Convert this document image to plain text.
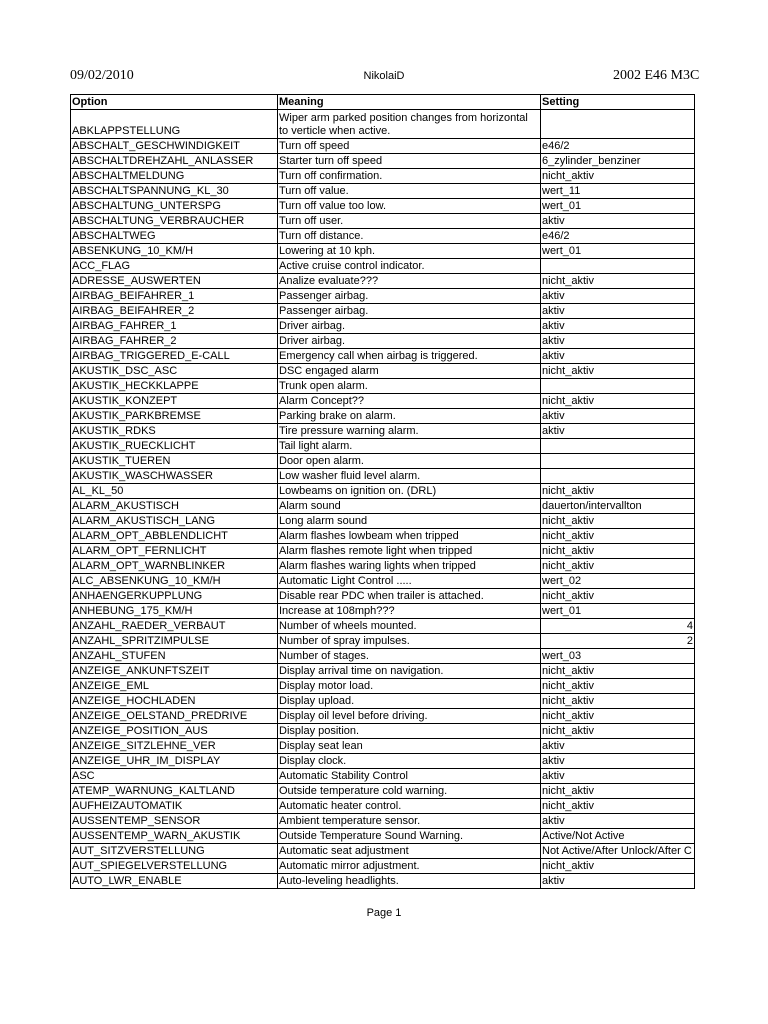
09/02/2010	NikolaiD	2002 E46 M3C
Option	Meaning	Setting
ABKLAPPSTELLUNG	Wiper arm parked position changes from horizontal to verticle when active.	
ABSCHALT_GESCHWINDIGKEIT	Turn off speed	e46/2
ABSCHALTDREHZAHL_ANLASSER	Starter turn off speed	6_zylinder_benziner
ABSCHALTMELDUNG	Turn off confirmation.	nicht_aktiv
ABSCHALTSPANNUNG_KL_30	Turn off value.	wert_11
ABSCHALTUNG_UNTERSPG	Turn off value too low.	wert_01
ABSCHALTUNG_VERBRAUCHER	Turn off user.	aktiv
ABSCHALTWEG	Turn off distance.	e46/2
ABSENKUNG_10_KM/H	Lowering at 10 kph.	wert_01
ACC_FLAG	Active cruise control indicator.	
ADRESSE_AUSWERTEN	Analize evaluate???	nicht_aktiv
AIRBAG_BEIFAHRER_1	Passenger airbag.	aktiv
AIRBAG_BEIFAHRER_2	Passenger airbag.	aktiv
AIRBAG_FAHRER_1	Driver airbag.	aktiv
AIRBAG_FAHRER_2	Driver airbag.	aktiv
AIRBAG_TRIGGERED_E-CALL	Emergency call when airbag is triggered.	aktiv
AKUSTIK_DSC_ASC	DSC engaged alarm	nicht_aktiv
AKUSTIK_HECKKLAPPE	Trunk open alarm.	
AKUSTIK_KONZEPT	Alarm Concept??	nicht_aktiv
AKUSTIK_PARKBREMSE	Parking brake on alarm.	aktiv
AKUSTIK_RDKS	Tire pressure warning alarm.	aktiv
AKUSTIK_RUECKLICHT	Tail light alarm.	
AKUSTIK_TUEREN	Door open alarm.	
AKUSTIK_WASCHWASSER	Low washer fluid level alarm.	
AL_KL_50	Lowbeams on ignition on. (DRL)	nicht_aktiv
ALARM_AKUSTISCH	Alarm sound	dauerton/intervallton
ALARM_AKUSTISCH_LANG	Long alarm sound	nicht_aktiv
ALARM_OPT_ABBLENDLICHT	Alarm flashes lowbeam when tripped	nicht_aktiv
ALARM_OPT_FERNLICHT	Alarm flashes remote light when tripped	nicht_aktiv
ALARM_OPT_WARNBLINKER	Alarm flashes waring lights when tripped	nicht_aktiv
ALC_ABSENKUNG_10_KM/H	Automatic Light Control .....	wert_02
ANHAENGERKUPPLUNG	Disable rear PDC when trailer is attached.	nicht_aktiv
ANHEBUNG_175_KM/H	Increase at 108mph???	wert_01
ANZAHL_RAEDER_VERBAUT	Number of wheels mounted.	4
ANZAHL_SPRITZIMPULSE	Number of spray impulses.	2
ANZAHL_STUFEN	Number of stages.	wert_03
ANZEIGE_ANKUNFTSZEIT	Display arrival time on navigation.	nicht_aktiv
ANZEIGE_EML	Display motor load.	nicht_aktiv
ANZEIGE_HOCHLADEN	Display upload.	nicht_aktiv
ANZEIGE_OELSTAND_PREDRIVE	Display oil level before driving.	nicht_aktiv
ANZEIGE_POSITION_AUS	Display position.	nicht_aktiv
ANZEIGE_SITZLEHNE_VER	Display seat lean	aktiv
ANZEIGE_UHR_IM_DISPLAY	Display clock.	aktiv
ASC	Automatic Stability Control	aktiv
ATEMP_WARNUNG_KALTLAND	Outside temperature cold warning.	nicht_aktiv
AUFHEIZAUTOMATIK	Automatic heater control.	nicht_aktiv
AUSSENTEMP_SENSOR	Ambient temperature sensor.	aktiv
AUSSENTEMP_WARN_AKUSTIK	Outside Temperature Sound Warning.	Active/Not Active
AUT_SITZVERSTELLUNG	Automatic seat adjustment	Not Active/After Unlock/After C
AUT_SPIEGELVERSTELLUNG	Automatic mirror adjustment.	nicht_aktiv
AUTO_LWR_ENABLE	Auto-leveling headlights.	aktiv
Page 1
